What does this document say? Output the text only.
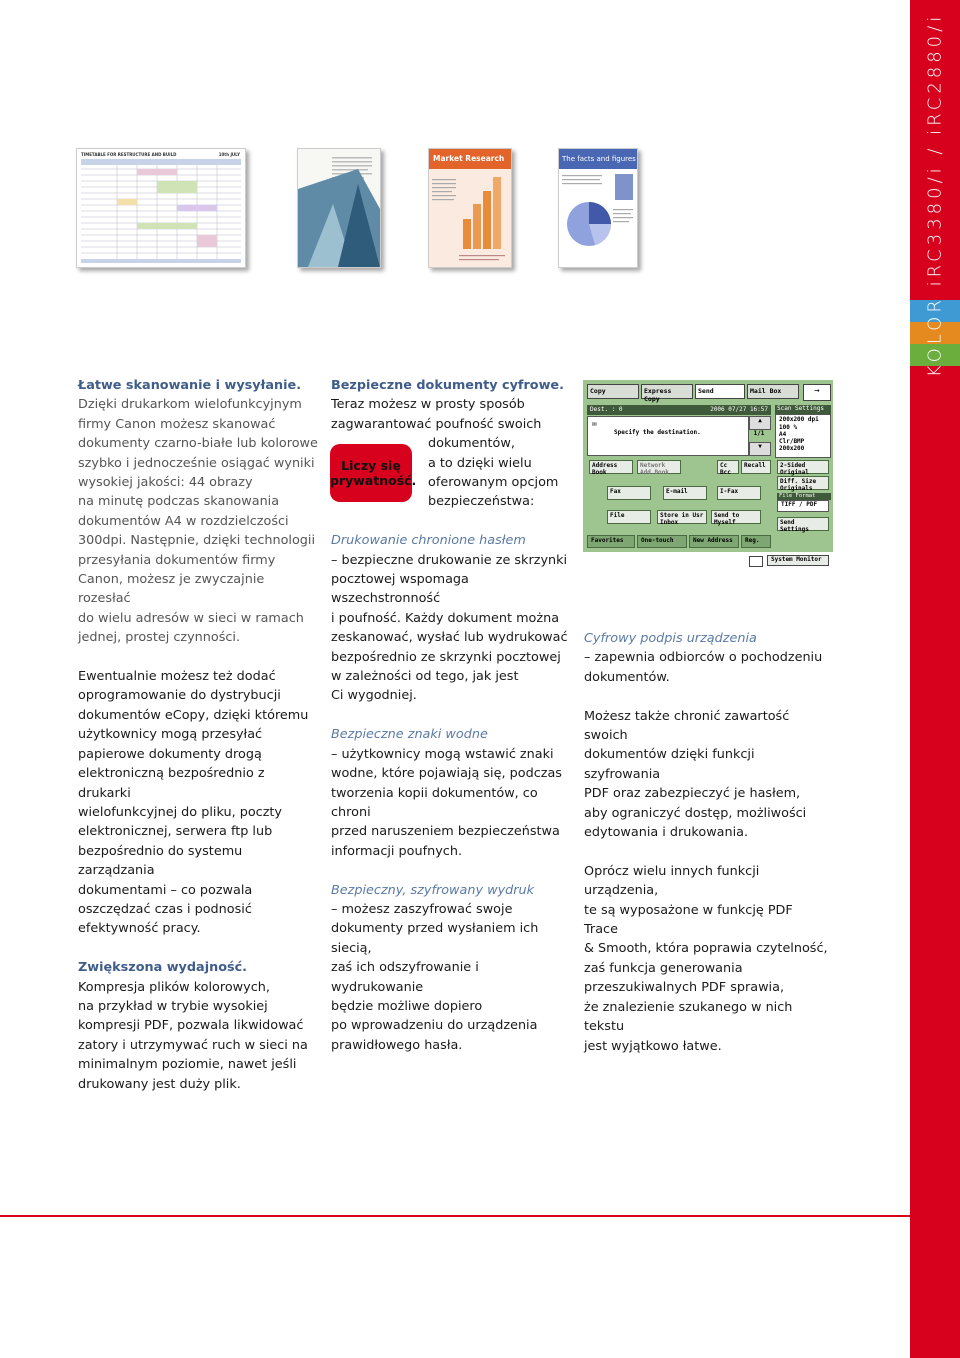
KOLOR iRC3380/i / iRC2880/i
TIMETABLE FOR RESTRUCTURE AND BUILD	10th JULY	Market Research	The facts and figures

Łatwe skanowanie i wysyłanie.

Dzięki drukarkom wielofunkcyjnym

firmy Canon możesz skanować

dokumenty czarno-białe lub kolorowe

szybko i jednocześnie osiągać wyniki

wysokiej jakości: 44 obrazy

na minutę podczas skanowania

dokumentów A4 w rozdzielczości

300dpi. Następnie, dzięki technologii

przesyłania dokumentów firmy

Canon, możesz je zwyczajnie rozesłać

do wielu adresów w sieci w ramach

jednej, prostej czynności.

Ewentualnie możesz też dodać

oprogramowanie do dystrybucji

dokumentów eCopy, dzięki któremu

użytkownicy mogą przesyłać

papierowe dokumenty drogą

elektroniczną bezpośrednio z drukarki

wielofunkcyjnej do pliku, poczty

elektronicznej, serwera ftp lub

bezpośrednio do systemu zarządzania

dokumentami – co pozwala

oszczędzać czas i podnosić

efektywność pracy.

Zwiększona wydajność.

Kompresja plików kolorowych,

na przykład w trybie wysokiej

kompresji PDF, pozwala likwidować

zatory i utrzymywać ruch w sieci na

minimalnym poziomie, nawet jeśli

drukowany jest duży plik.

Bezpieczne dokumenty cyfrowe.

Teraz możesz w prosty sposób

zagwarantować poufność swoich

dokumentów,

a to dzięki wielu

oferowanym opcjom

bezpieczeństwa:

Drukowanie chronione hasłem

– bezpieczne drukowanie ze skrzynki

pocztowej wspomaga wszechstronność

i poufność. Każdy dokument można

zeskanować, wysłać lub wydrukować

bezpośrednio ze skrzynki pocztowej

w zależności od tego, jak jest

Ci wygodniej.

Bezpieczne znaki wodne

– użytkownicy mogą wstawić znaki

wodne, które pojawiają się, podczas

tworzenia kopii dokumentów, co chroni

przed naruszeniem bezpieczeństwa

informacji poufnych.

Bezpieczny, szyfrowany wydruk

– możesz zaszyfrować swoje

dokumenty przed wysłaniem ich siecią,

zaś ich odszyfrowanie i wydrukowanie

będzie możliwe dopiero

po wprowadzeniu do urządzenia

prawidłowego hasła.

Liczy się
prywatność.

Cyfrowy podpis urządzenia

– zapewnia odbiorców o pochodzeniu

dokumentów.

Możesz także chronić zawartość swoich

dokumentów dzięki funkcji szyfrowania

PDF oraz zabezpieczyć je hasłem,

aby ograniczyć dostęp, możliwości

edytowania i drukowania.

Oprócz wielu innych funkcji urządzenia,

te są wyposażone w funkcję PDF Trace

& Smooth, która poprawia czytelność,

zaś funkcja generowania

przeszukiwalnych PDF sprawia,

że znalezienie szukanego w nich tekstu

jest wyjątkowo łatwe.

Copy	Express Copy
Send	Mail Box	→
Dest. : 0	2006 07/27 16:57
✉
Specify the destination.
▲
1/1
▼
Scan Settings
200x200 dpi
100 %
A4
Clr/BMP
200x200
Address Book
Network Add.Book
Cc Bcc
Recall
Fax	E-mail	I-Fax
File	Store in Usr Inbox
Send to Myself
2-Sided Original
Diff. Size Originals
File Format
TIFF / PDF
Send Settings
Favorites	One-touch	New Address	Reg.
System Monitor
